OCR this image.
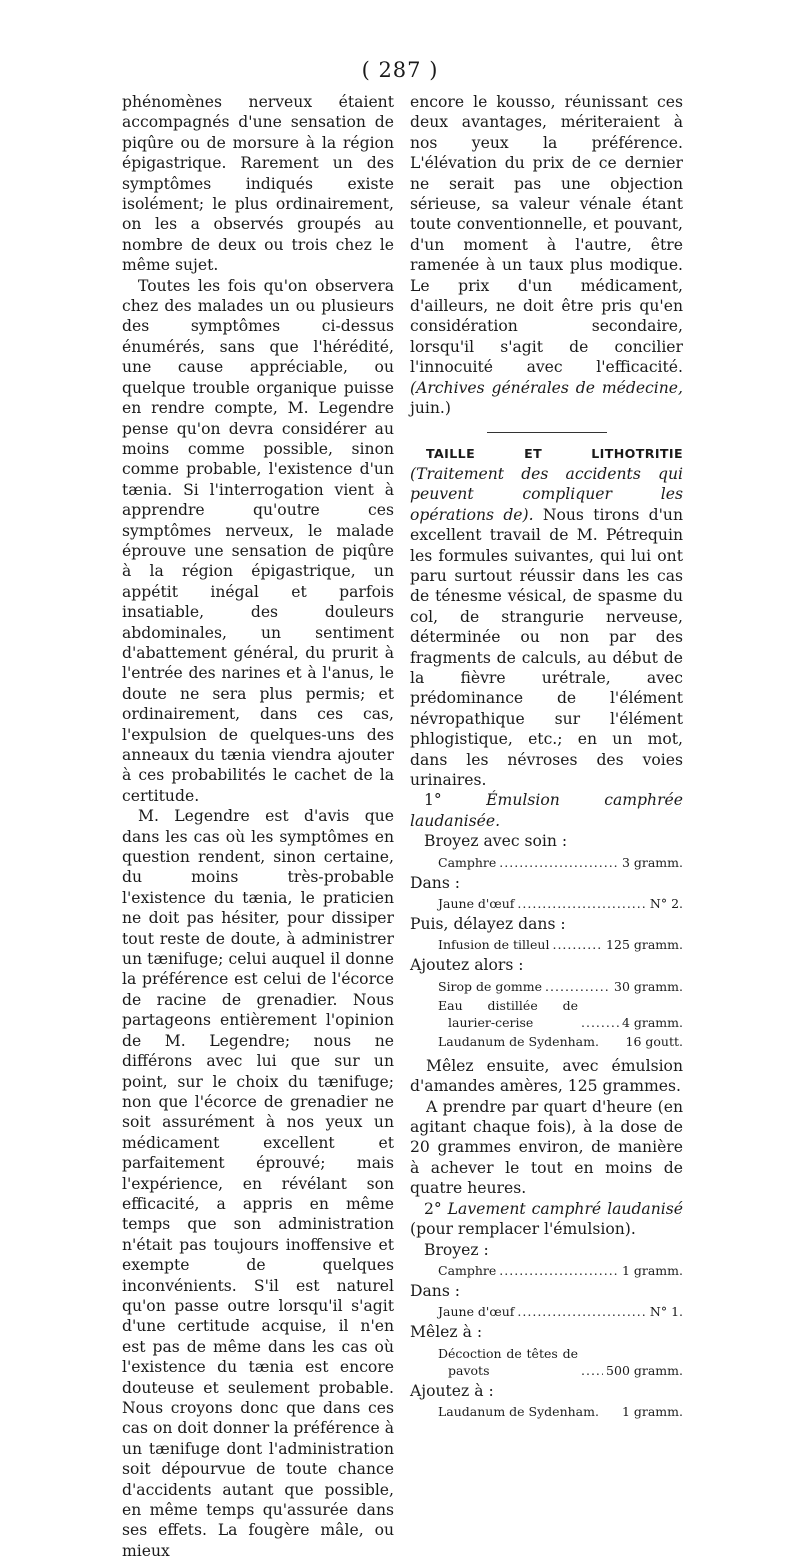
( 287 )

phénomènes nerveux étaient accompagnés d'une sensation de piqûre ou de morsure à la région épigastrique. Rarement un des symptômes indiqués existe isolément; le plus ordinairement, on les a observés groupés au nombre de deux ou trois chez le même sujet.

Toutes les fois qu'on observera chez des malades un ou plusieurs des symptômes ci-dessus énumérés, sans que l'hérédité, une cause appréciable, ou quelque trouble organique puisse en rendre compte, M. Legendre pense qu'on devra considérer au moins comme possible, sinon comme probable, l'existence d'un tænia. Si l'interrogation vient à apprendre qu'outre ces symptômes nerveux, le malade éprouve une sensation de piqûre à la région épigastrique, un appétit inégal et parfois insatiable, des douleurs abdominales, un sentiment d'abattement général, du prurit à l'entrée des narines et à l'anus, le doute ne sera plus permis; et ordinairement, dans ces cas, l'expulsion de quelques-uns des anneaux du tænia viendra ajouter à ces probabilités le cachet de la certitude.

M. Legendre est d'avis que dans les cas où les symptômes en question rendent, sinon certaine, du moins très-probable l'existence du tænia, le praticien ne doit pas hésiter, pour dissiper tout reste de doute, à administrer un tænifuge; celui auquel il donne la préférence est celui de l'écorce de racine de grenadier. Nous partageons entièrement l'opinion de M. Legendre; nous ne différons avec lui que sur un point, sur le choix du tænifuge; non que l'écorce de grenadier ne soit assurément à nos yeux un médicament excellent et parfaitement éprouvé; mais l'expérience, en révélant son efficacité, a appris en même temps que son administration n'était pas toujours inoffensive et exempte de quelques inconvénients. S'il est naturel qu'on passe outre lorsqu'il s'agit d'une certitude acquise, il n'en est pas de même dans les cas où l'existence du tænia est encore douteuse et seulement probable. Nous croyons donc que dans ces cas on doit donner la préférence à un tænifuge dont l'administration soit dépourvue de toute chance d'accidents autant que possible, en même temps qu'assurée dans ses effets. La fougère mâle, ou mieux

encore le kousso, réunissant ces deux avantages, mériteraient à nos yeux la préférence. L'élévation du prix de ce dernier ne serait pas une objection sérieuse, sa valeur vénale étant toute conventionnelle, et pouvant, d'un moment à l'autre, être ramenée à un taux plus modique. Le prix d'un médicament, d'ailleurs, ne doit être pris qu'en considération secondaire, lorsqu'il s'agit de concilier l'innocuité avec l'efficacité. (Archives générales de médecine, juin.)

TAILLE ET LITHOTRITIE (Traitement des accidents qui peuvent compliquer les opérations de). Nous tirons d'un excellent travail de M. Pétrequin les formules suivantes, qui lui ont paru surtout réussir dans les cas de ténesme vésical, de spasme du col, de strangurie nerveuse, déterminée ou non par des fragments de calculs, au début de la fièvre urétrale, avec prédominance de l'élément névropathique sur l'élément phlogistique, etc.; en un mot, dans les névroses des voies urinaires.

1°	Émulsion camphrée laudanisée.

Broyez avec soin :

Camphre .....	3 gramm.

Dans :

Jaune d'œuf .....	N° 2.

Puis, délayez dans :

Infusion de tilleul .....	125 gramm.

Ajoutez alors :

Sirop de gomme .....	30 gramm.
Eau distillée de laurier-cerise .....	4 gramm.
Laudanum de Sydenham. 16 goutt.

Mêlez ensuite, avec émulsion d'amandes amères, 125 grammes.

A prendre par quart d'heure (en agitant chaque fois), à la dose de 20 grammes environ, de manière à achever le tout en moins de quatre heures.

2° Lavement camphré laudanisé (pour remplacer l'émulsion).

Broyez :

Camphre .....	1 gramm.

Dans :

Jaune d'œuf .....	N° 1.

Mêlez à :

Décoction de têtes de pavots .....	500 gramm.

Ajoutez à :

Laudanum de Sydenham. 1 gramm.
